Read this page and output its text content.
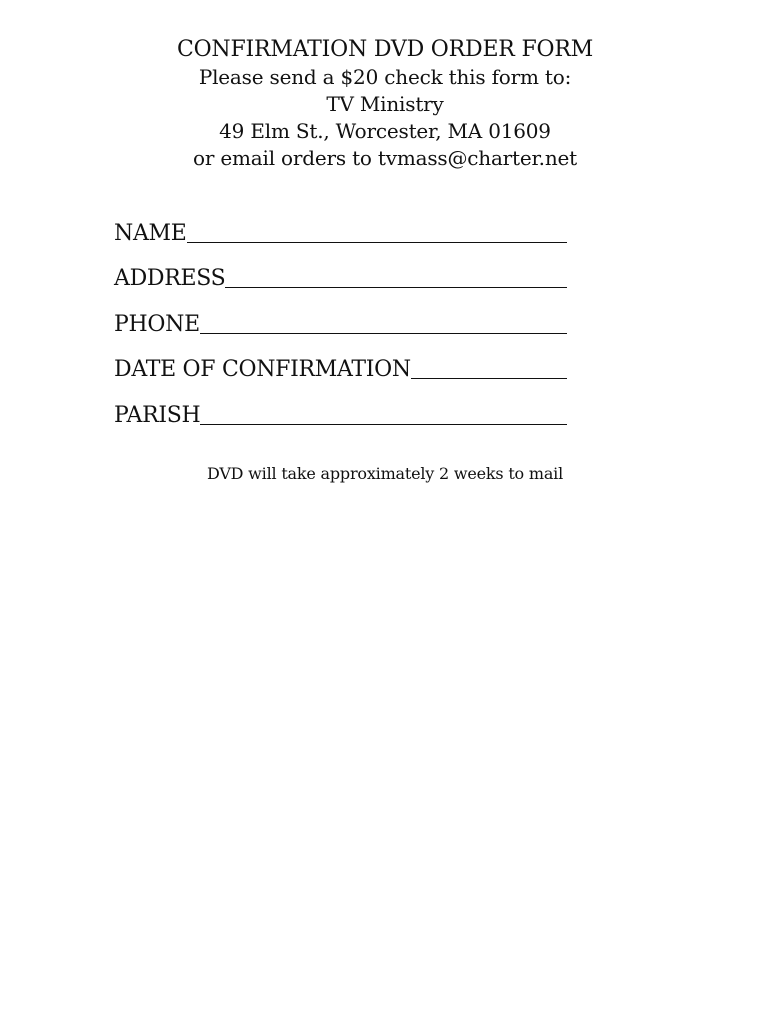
CONFIRMATION DVD ORDER FORM
Please send a $20 check this form to:
TV Ministry
49 Elm St., Worcester, MA 01609
or email orders to tvmass@charter.net
NAME
ADDRESS
PHONE
DATE OF CONFIRMATION
PARISH
DVD will take approximately 2 weeks to mail
